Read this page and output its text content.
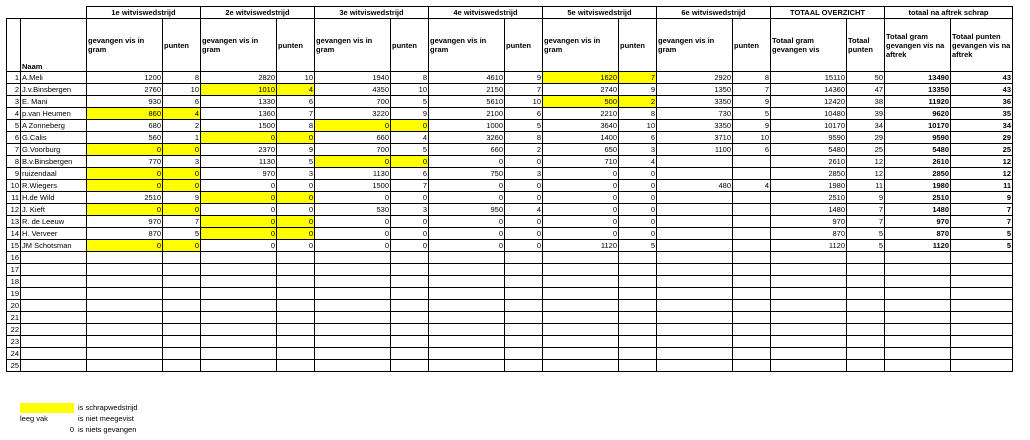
		1e witviswedstrijd		2e witviswedstrijd		3e witviswedstrijd		4e witviswedstrijd		5e witviswedstrijd		6e witviswedstrijd		TOTAAL OVERZICHT		totaal na aftrek schrap	
	Naam	gevangen vis in gram	punten	gevangen vis in gram	punten	gevangen vis in gram	punten	gevangen vis in gram	punten	gevangen vis in gram	punten	gevangen vis in gram	punten	Totaal gram gevangen vis	Totaal punten	Totaal gram gevangen vis na aftrek	Totaal punten gevangen vis na aftrek
1	A.Meli	1200	8	2820	10	1940	8	4610	9	1620	7	2920	8	15110	50	13490	43
2	J.v.Binsbergen	2760	10	1010	4	4350	10	2150	7	2740	9	1350	7	14360	47	13350	43
3	E. Mani	930	6	1330	6	700	5	5610	10	500	2	3350	9	12420	38	11920	36
4	p.van Heumen	860	4	1360	7	3220	9	2100	6	2210	8	730	5	10480	39	9620	35
5	A Zonneberg	680	2	1500	8	0	0	1000	5	3640	10	3350	9	10170	34	10170	34
6	G.Calis	560	1	0	0	660	4	3260	8	1400	6	3710	10	9590	29	9590	29
7	G.Voorburg	0	0	2370	9	700	5	660	2	650	3	1100	6	5480	25	5480	25
8	B.v.Binsbergen	770	3	1130	5	0	0	0	0	710	4			2610	12	2610	12
9	ruizendaal	0	0	970	3	1130	6	750	3	0	0			2850	12	2850	12
10	R.Wiegers	0	0	0	0	1500	7	0	0	0	0	480	4	1980	11	1980	11
11	H.de Wild	2510	9	0	0	0	0	0	0	0	0			2510	9	2510	9
12	J. Kieft	0	0	0	0	530	3	950	4	0	0			1480	7	1480	7
13	R. de Leeuw	970	7	0	0	0	0	0	0	0	0			970	7	970	7
14	H. Verveer	870	5	0	0	0	0	0	0	0	0			870	5	870	5
15	JM Schotsman	0	0	0	0	0	0	0	0	1120	5			1120	5	1120	5
16																	
17																	
18																	
19																	
20																	
21																	
22																	
23																	
24																	
25																	
is schrapwedstrijd
leeg vak	is niet meegevist
0 is niets gevangen
